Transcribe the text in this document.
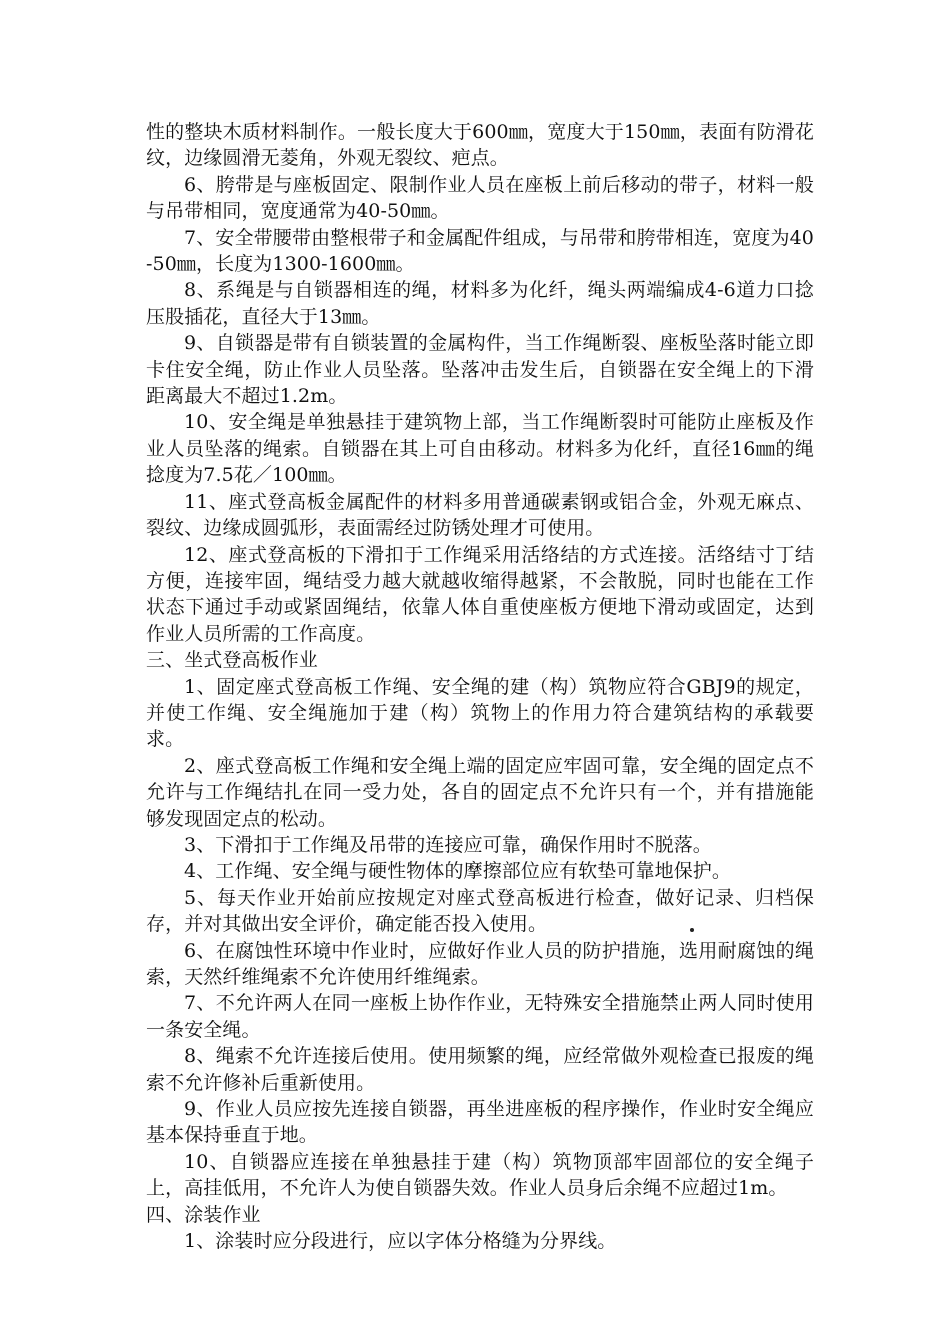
性的整块木质材料制作。一般长度大于600㎜，宽度大于150㎜，表面有防滑花纹，边缘圆滑无菱角，外观无裂纹、疤点。

6、胯带是与座板固定、限制作业人员在座板上前后移动的带子，材料一般与吊带相同，宽度通常为40-50㎜。

7、安全带腰带由整根带子和金属配件组成，与吊带和胯带相连，宽度为40-50㎜，长度为1300-1600㎜。

8、系绳是与自锁器相连的绳，材料多为化纤，绳头两端编成4-6道力口捻压股插花，直径大于13㎜。

9、自锁器是带有自锁装置的金属构件，当工作绳断裂、座板坠落时能立即卡住安全绳，防止作业人员坠落。坠落冲击发生后，自锁器在安全绳上的下滑距离最大不超过1.2m。

10、安全绳是单独悬挂于建筑物上部，当工作绳断裂时可能防止座板及作业人员坠落的绳索。自锁器在其上可自由移动。材料多为化纤，直径16㎜的绳捻度为7.5花／100㎜。

11、座式登高板金属配件的材料多用普通碳素钢或铝合金，外观无麻点、裂纹、边缘成圆弧形，表面需经过防锈处理才可使用。

12、座式登高板的下滑扣于工作绳采用活络结的方式连接。活络结寸丁结方便，连接牢固，绳结受力越大就越收缩得越紧，不会散脱，同时也能在工作状态下通过手动或紧固绳结，依靠人体自重使座板方便地下滑动或固定，达到作业人员所需的工作高度。

三、坐式登高板作业

1、固定座式登高板工作绳、安全绳的建（构）筑物应符合GBJ9的规定，并使工作绳、安全绳施加于建（构）筑物上的作用力符合建筑结构的承载要求。

2、座式登高板工作绳和安全绳上端的固定应牢固可靠，安全绳的固定点不允许与工作绳结扎在同一受力处，各自的固定点不允许只有一个，并有措施能够发现固定点的松动。

3、下滑扣于工作绳及吊带的连接应可靠，确保作用时不脱落。

4、工作绳、安全绳与硬性物体的摩擦部位应有软垫可靠地保护。

5、每天作业开始前应按规定对座式登高板进行检查，做好记录、归档保存，并对其做出安全评价，确定能否投入使用。

6、在腐蚀性环境中作业时，应做好作业人员的防护措施，选用耐腐蚀的绳索，天然纤维绳索不允许使用纤维绳索。

7、不允许两人在同一座板上协作作业，无特殊安全措施禁止两人同时使用一条安全绳。

8、绳索不允许连接后使用。使用频繁的绳，应经常做外观检查已报废的绳索不允许修补后重新使用。

9、作业人员应按先连接自锁器，再坐进座板的程序操作，作业时安全绳应基本保持垂直于地。

10、自锁器应连接在单独悬挂于建（构）筑物顶部牢固部位的安全绳子上，高挂低用，不允许人为使自锁器失效。作业人员身后余绳不应超过1m。

四、涂装作业

1、涂装时应分段进行，应以字体分格缝为分界线。
